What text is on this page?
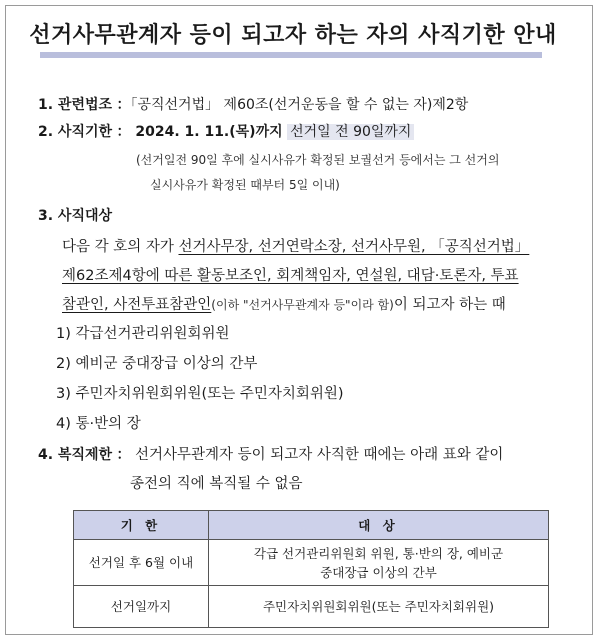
선거사무관계자 등이 되고자 하는 자의 사직기한 안내
1. 관련법조 ：「공직선거법」 제60조(선거운동을 할 수 없는 자)제2항
2. 사직기한 ： 2024. 1. 11.(목)까지 선거일 전 90일까지
(선거일전 90일 후에 실시사유가 확정된 보궐선거 등에서는 그 선거의
실시사유가 확정된 때부터 5일 이내)
3. 사직대상
다음 각 호의 자가 선거사무장, 선거연락소장, 선거사무원, 「공직선거법」
제62조제4항에 따른 활동보조인, 회계책임자, 연설원, 대담·토론자, 투표
참관인, 사전투표참관인(이하 "선거사무관계자 등"이라 함)이 되고자 하는 때
1) 각급선거관리위원회위원
2) 예비군 중대장급 이상의 간부
3) 주민자치위원회위원(또는 주민자치회위원)
4) 통·반의 장
4. 복직제한 ： 선거사무관계자 등이 되고자 사직한 때에는 아래 표와 같이
종전의 직에 복직될 수 없음
기 한	대 상
선거일 후 6월 이내	각급 선거관리위원회 위원, 통·반의 장, 예비군
중대장급 이상의 간부

선거일까지	주민자치위원회위원(또는 주민자치회위원)
